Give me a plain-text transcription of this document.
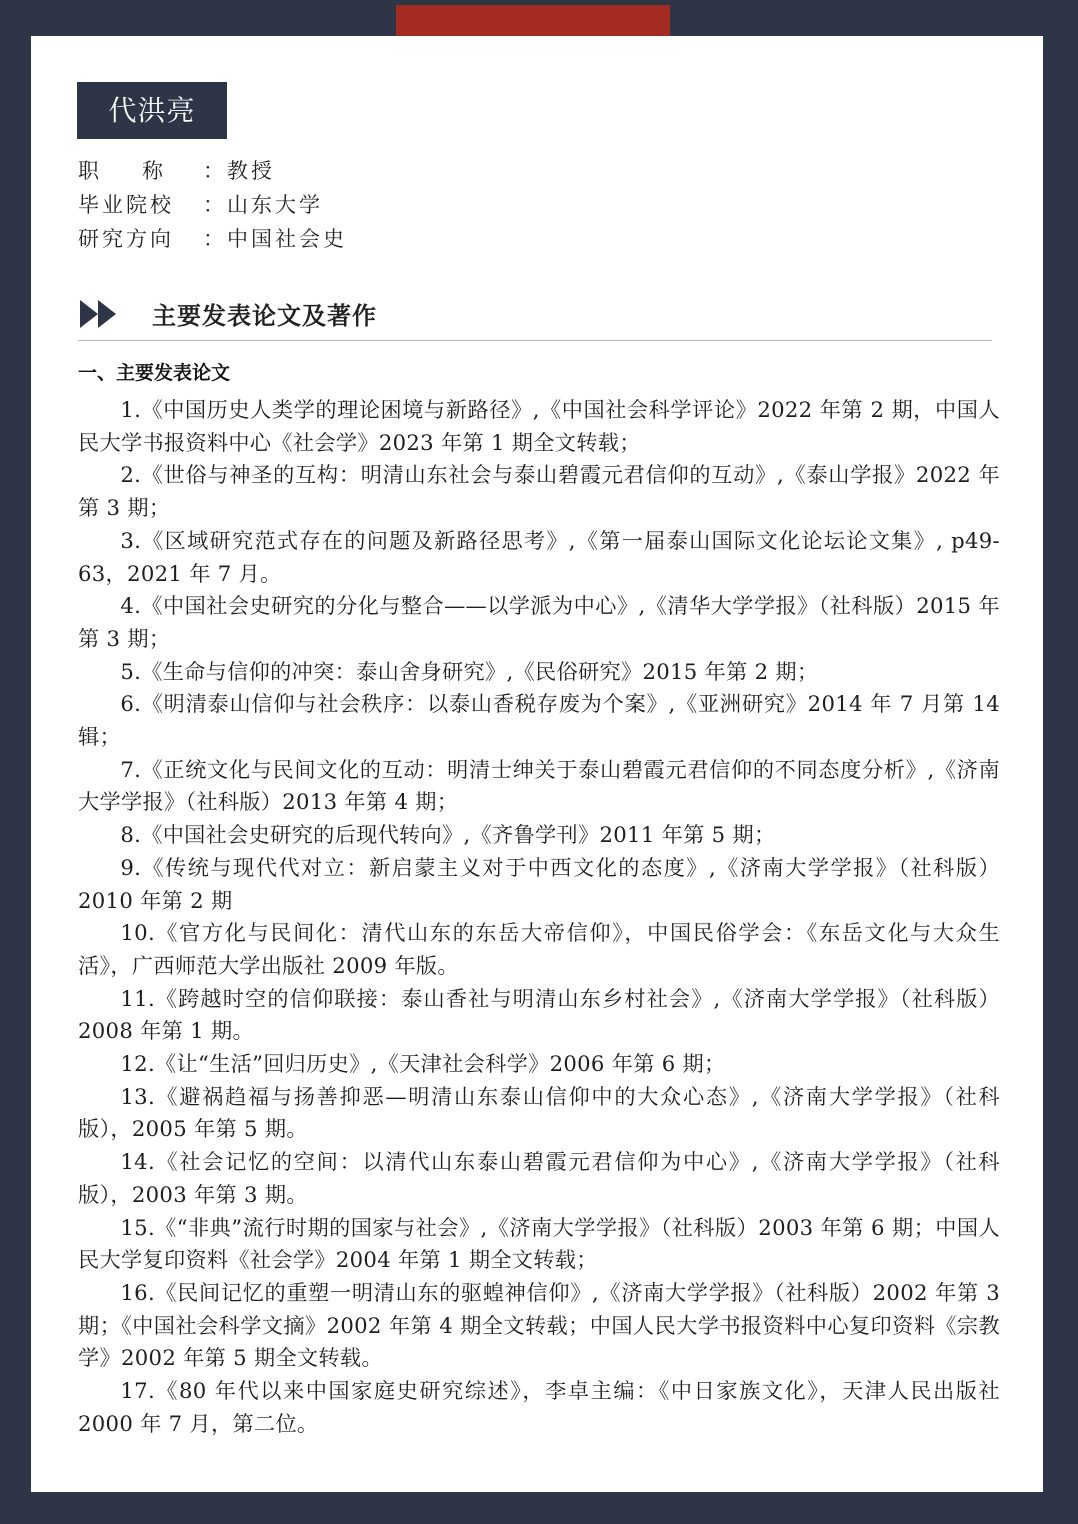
代洪亮
职称：教授
毕业院校 ：山东大学
研究方向 ：中国社会史
主要发表论文及著作
一、主要发表论文

1.《中国历史人类学的理论困境与新路径》,《中国社会科学评论》2022 年第 2 期，中国人民大学书报资料中心《社会学》2023 年第 1 期全文转载；

2.《世俗与神圣的互构：明清山东社会与泰山碧霞元君信仰的互动》,《泰山学报》2022 年第 3 期；

3.《区域研究范式存在的问题及新路径思考》,《第一届泰山国际文化论坛论文集》, p49-63，2021 年 7 月。

4.《中国社会史研究的分化与整合——以学派为中心》,《清华大学学报》（社科版）2015 年第 3 期；

5.《生命与信仰的冲突：泰山舍身研究》,《民俗研究》2015 年第 2 期；

6.《明清泰山信仰与社会秩序：以泰山香税存废为个案》,《亚洲研究》2014 年 7 月第 14 辑；

7.《正统文化与民间文化的互动：明清士绅关于泰山碧霞元君信仰的不同态度分析》,《济南大学学报》（社科版）2013 年第 4 期；

8.《中国社会史研究的后现代转向》,《齐鲁学刊》2011 年第 5 期；

9.《传统与现代代对立：新启蒙主义对于中西文化的态度》,《济南大学学报》（社科版）2010 年第 2 期

10.《官方化与民间化：清代山东的东岳大帝信仰》，中国民俗学会：《东岳文化与大众生活》，广西师范大学出版社 2009 年版。

11.《跨越时空的信仰联接：泰山香社与明清山东乡村社会》,《济南大学学报》（社科版）2008 年第 1 期。

12.《让“生活”回归历史》,《天津社会科学》2006 年第 6 期；

13.《避祸趋福与扬善抑恶—明清山东泰山信仰中的大众心态》,《济南大学学报》（社科版），2005 年第 5 期。

14.《社会记忆的空间：以清代山东泰山碧霞元君信仰为中心》,《济南大学学报》（社科版），2003 年第 3 期。

15.《“非典”流行时期的国家与社会》,《济南大学学报》（社科版）2003 年第 6 期；中国人民大学复印资料《社会学》2004 年第 1 期全文转载；

16.《民间记忆的重塑一明清山东的驱蝗神信仰》,《济南大学学报》（社科版）2002 年第 3 期；《中国社会科学文摘》2002 年第 4 期全文转载；中国人民大学书报资料中心复印资料《宗教学》2002 年第 5 期全文转载。

17.《80 年代以来中国家庭史研究综述》，李卓主编：《中日家族文化》，天津人民出版社 2000 年 7 月，第二位。
